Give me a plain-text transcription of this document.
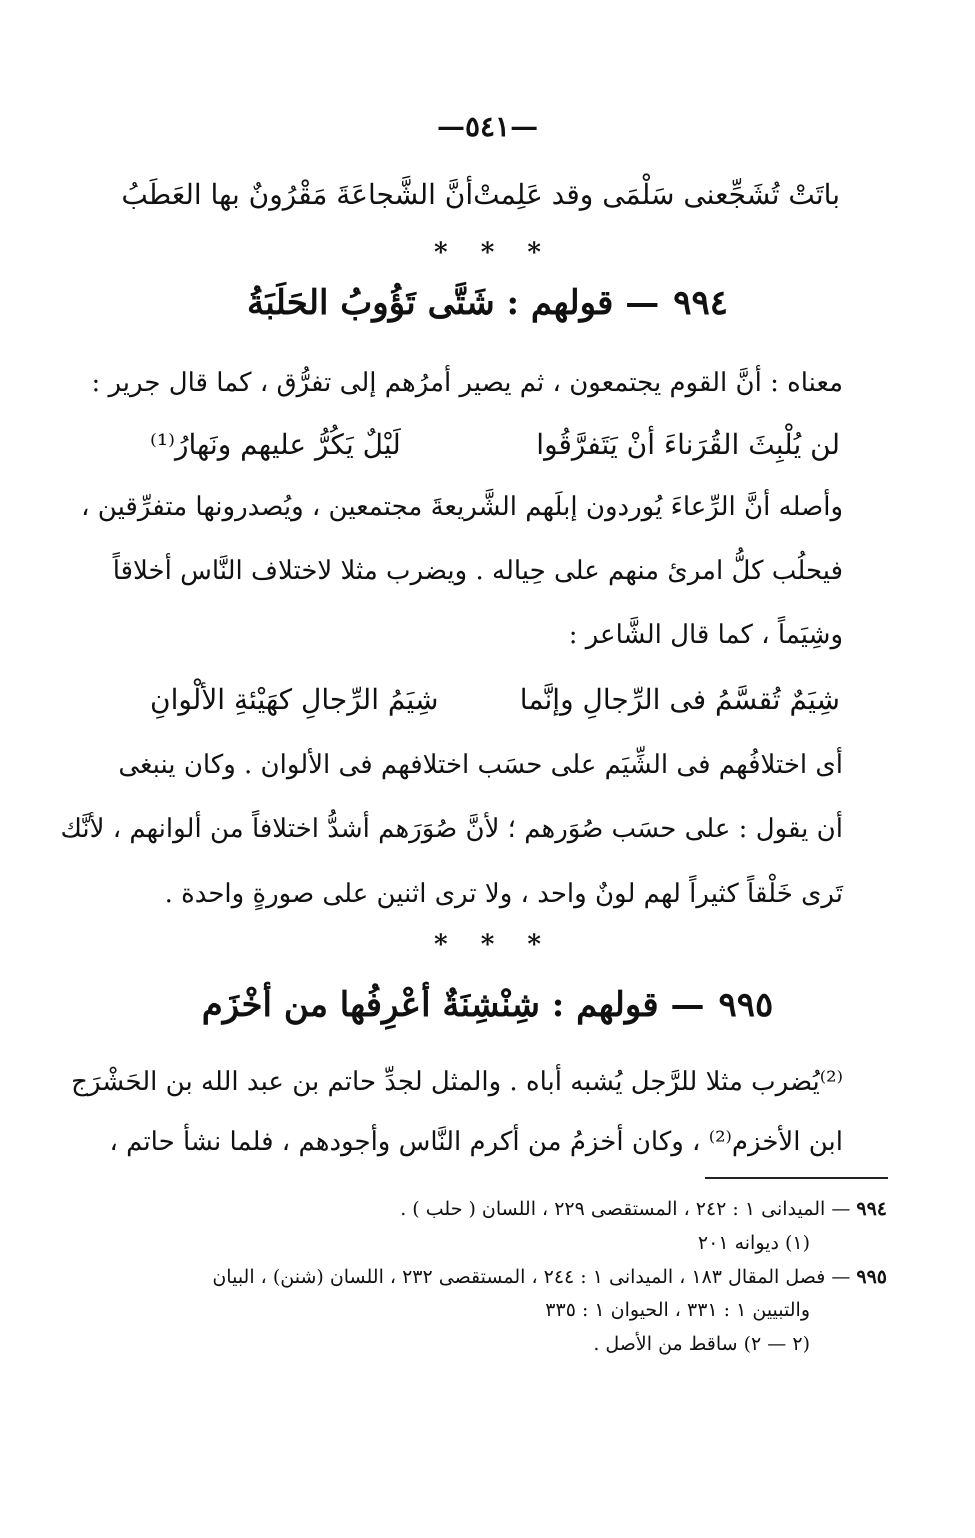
—٥٤١—
باتَتْ تُشَجِّعنى سَلْمَى وقد عَلِمتْ
أنَّ الشَّجاعَةَ مَقْرُونٌ بها العَطَبُ
* * *
٩٩٤— قولهم : شَتَّى تَؤُوبُ الحَلَبَةُ
معناه : أنَّ القوم يجتمعون ، ثم يصير أمرُهم إلى تفرُّق ، كما قال جرير :
لن يُلْبِثَ القُرَناءَ أنْ يَتَفرَّقُوا
لَيْلٌ يَكُرُّ عليهم ونَهارُ⁽¹⁾
وأصله أنَّ الرِّعاءَ يُوردون إبلَهم الشَّريعةَ مجتمعين ، ويُصدرونها متفرِّقين ،
فيحلُب كلُّ امرئ منهم على حِياله . ويضرب مثلا لاختلاف النَّاس أخلاقاً
وشِيَماً ، كما قال الشَّاعر :
شِيَمٌ تُقسَّمُ فى الرِّجالِ وإنَّما
شِيَمُ الرِّجالِ كهَيْئةِ الألْوانِ
أى اختلافُهم فى الشِّيَم على حسَب اختلافهم فى الألوان . وكان ينبغى
أن يقول : على حسَب صُوَرهم ؛ لأنَّ صُوَرَهم أشدُّ اختلافاً من ألوانهم ، لأنَّك
تَرى خَلْقاً كثيراً لهم لونٌ واحد ، ولا ترى اثنين على صورةٍ واحدة .
* * *
٩٩٥— قولهم : شِنْشِنَةٌ أعْرِفُها من أخْزَم
⁽²⁾يُضرب مثلا للرَّجل يُشبه أباه . والمثل لجدِّ حاتم بن عبد الله بن الحَشْرَج
ابن الأخزم⁽²⁾ ، وكان أخزمُ من أكرم النَّاس وأجودهم ، فلما نشأ حاتم ،
٩٩٤ — الميدانى ١ : ٢٤٢ ، المستقصى ٢٢٩ ، اللسان ( حلب ) .
(١) ديوانه ٢٠١
٩٩٥ — فصل المقال ١٨٣ ، الميدانى ١ : ٢٤٤ ، المستقصى ٢٣٢ ، اللسان (شنن) ، البيان
والتبيين ١ : ٣٣١ ، الحيوان ١ : ٣٣٥
(٢ — ٢) ساقط من الأصل .
